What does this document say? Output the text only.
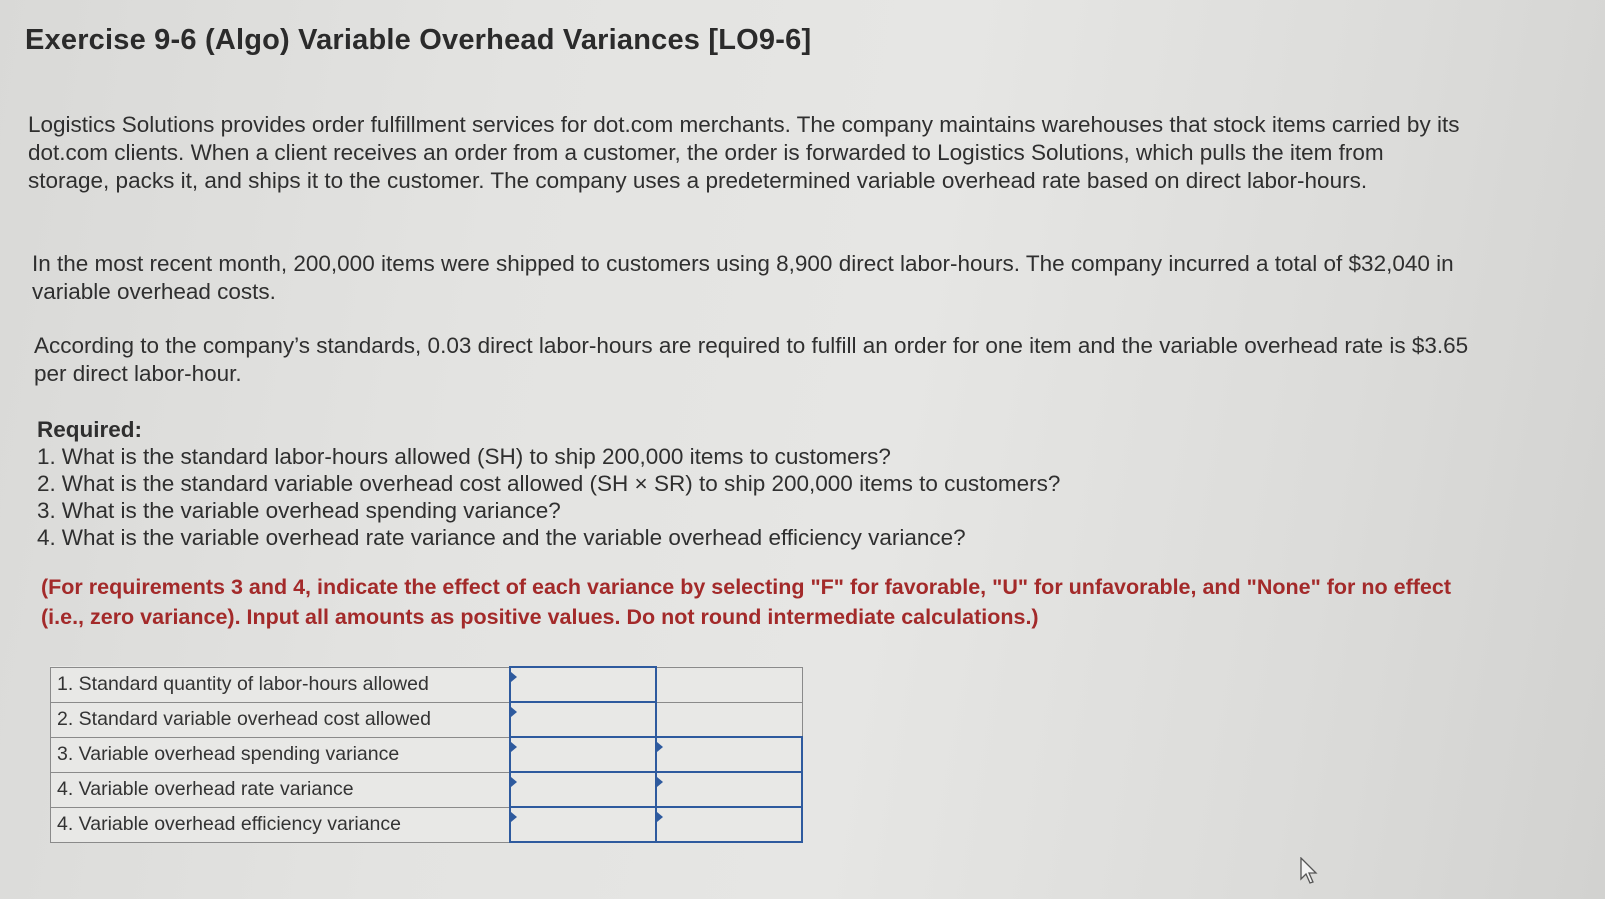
Exercise 9-6 (Algo) Variable Overhead Variances [LO9-6]
Logistics Solutions provides order fulfillment services for dot.com merchants. The company maintains warehouses that stock items carried by its dot.com clients. When a client receives an order from a customer, the order is forwarded to Logistics Solutions, which pulls the item from storage, packs it, and ships it to the customer. The company uses a predetermined variable overhead rate based on direct labor-hours.
In the most recent month, 200,000 items were shipped to customers using 8,900 direct labor-hours. The company incurred a total of $32,040 in variable overhead costs.
According to the company’s standards, 0.03 direct labor-hours are required to fulfill an order for one item and the variable overhead rate is $3.65 per direct labor-hour.
Required:
1. What is the standard labor-hours allowed (SH) to ship 200,000 items to customers?
2. What is the standard variable overhead cost allowed (SH × SR) to ship 200,000 items to customers?
3. What is the variable overhead spending variance?
4. What is the variable overhead rate variance and the variable overhead efficiency variance?
(For requirements 3 and 4, indicate the effect of each variance by selecting "F" for favorable, "U" for unfavorable, and "None" for no effect (i.e., zero variance). Input all amounts as positive values. Do not round intermediate calculations.)
1. Standard quantity of labor-hours allowed	

2. Standard variable overhead cost allowed	

3. Variable overhead spending variance	

4. Variable overhead rate variance	

4. Variable overhead efficiency variance	
